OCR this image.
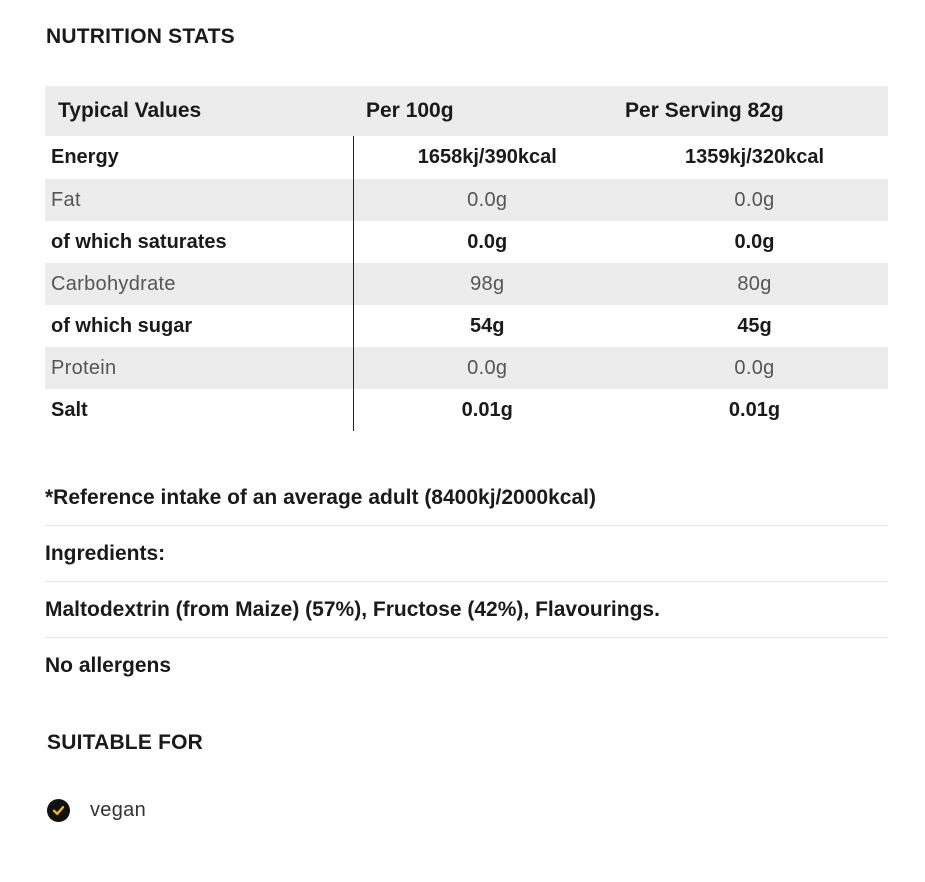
NUTRITION STATS
Typical Values	Per 100g	Per Serving 82g
Energy	1658kj/390kcal	1359kj/320kcal
Fat	0.0g	0.0g
of which saturates	0.0g	0.0g
Carbohydrate	98g	80g
of which sugar	54g	45g
Protein	0.0g	0.0g
Salt	0.01g	0.01g
*Reference intake of an average adult (8400kj/2000kcal)
Ingredients:
Maltodextrin (from Maize) (57%), Fructose (42%), Flavourings.
No allergens
SUITABLE FOR
vegan
